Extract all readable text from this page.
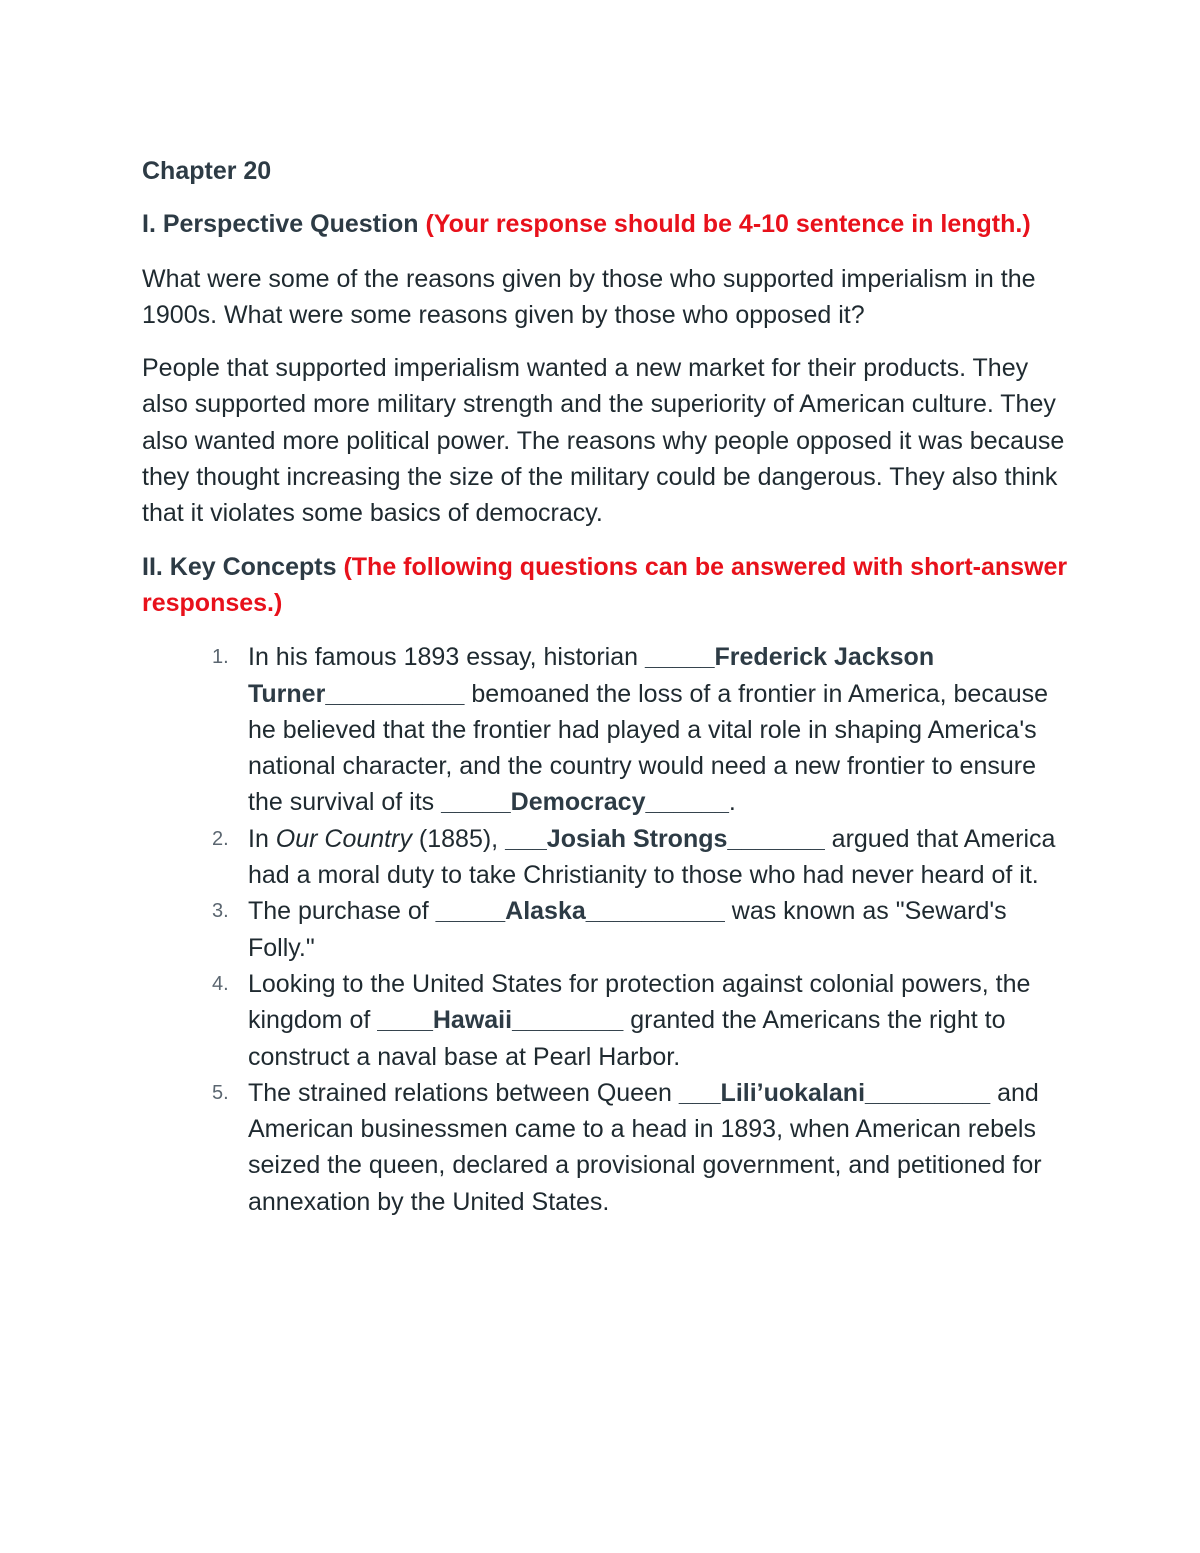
Chapter 20
I. Perspective Question (Your response should be 4-10 sentence in length.)

What were some of the reasons given by those who supported imperialism in the 1900s. What were some reasons given by those who opposed it?

People that supported imperialism wanted a new market for their products. They also supported more military strength and the superiority of American culture. They also wanted more political power. The reasons why people opposed it was because they thought increasing the size of the military could be dangerous. They also think that it violates some basics of democracy.

II. Key Concepts (The following questions can be answered with short-answer responses.)
1. In his famous 1893 essay, historian _____Frederick Jackson Turner__________ bemoaned the loss of a frontier in America, because he believed that the frontier had played a vital role in shaping America's national character, and the country would need a new frontier to ensure the survival of its _____Democracy______.
2. In Our Country (1885), ___Josiah Strongs_______ argued that America had a moral duty to take Christianity to those who had never heard of it.
3. The purchase of _____Alaska__________ was known as "Seward's Folly."
4. Looking to the United States for protection against colonial powers, the kingdom of ____Hawaii________ granted the Americans the right to construct a naval base at Pearl Harbor.
5. The strained relations between Queen ___Lili’uokalani_________ and American businessmen came to a head in 1893, when American rebels seized the queen, declared a provisional government, and petitioned for annexation by the United States.
